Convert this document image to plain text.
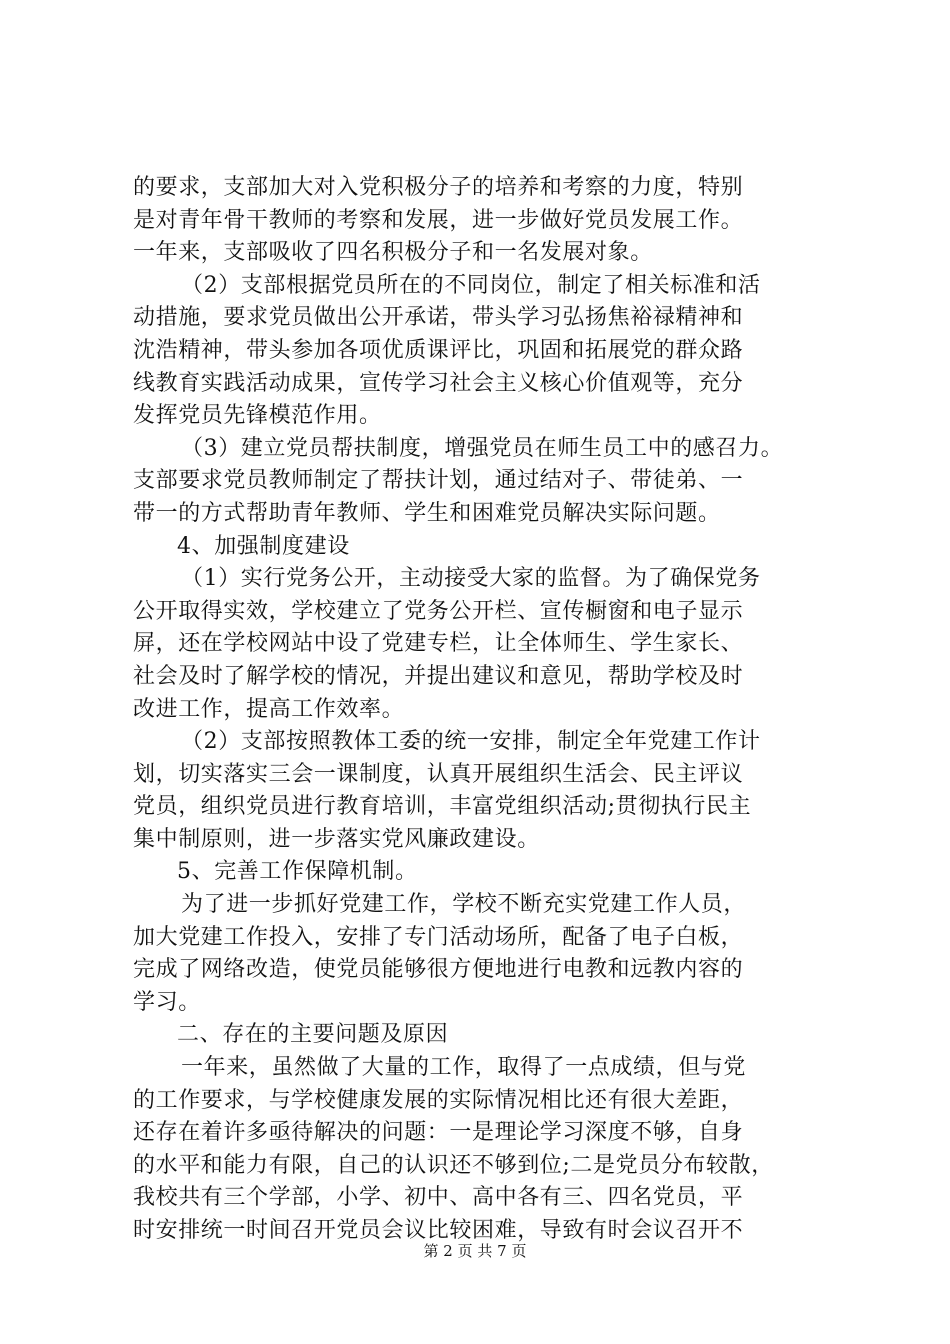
的要求，支部加大对入党积极分子的培养和考察的力度，特别
是对青年骨干教师的考察和发展，进一步做好党员发展工作。
一年来，支部吸收了四名积极分子和一名发展对象。
（2）支部根据党员所在的不同岗位，制定了相关标准和活
动措施，要求党员做出公开承诺，带头学习弘扬焦裕禄精神和
沈浩精神，带头参加各项优质课评比，巩固和拓展党的群众路
线教育实践活动成果，宣传学习社会主义核心价值观等，充分
发挥党员先锋模范作用。
（3）建立党员帮扶制度，增强党员在师生员工中的感召力。
支部要求党员教师制定了帮扶计划，通过结对子、带徒弟、一
带一的方式帮助青年教师、学生和困难党员解决实际问题。
4、加强制度建设
（1）实行党务公开，主动接受大家的监督。为了确保党务
公开取得实效，学校建立了党务公开栏、宣传橱窗和电子显示
屏，还在学校网站中设了党建专栏，让全体师生、学生家长、
社会及时了解学校的情况，并提出建议和意见，帮助学校及时
改进工作，提高工作效率。
（2）支部按照教体工委的统一安排，制定全年党建工作计
划，切实落实三会一课制度，认真开展组织生活会、民主评议
党员，组织党员进行教育培训，丰富党组织活动;贯彻执行民主
集中制原则，进一步落实党风廉政建设。
5、完善工作保障机制。
为了进一步抓好党建工作，学校不断充实党建工作人员，
加大党建工作投入，安排了专门活动场所，配备了电子白板，
完成了网络改造，使党员能够很方便地进行电教和远教内容的
学习。
二、存在的主要问题及原因
一年来，虽然做了大量的工作，取得了一点成绩，但与党
的工作要求，与学校健康发展的实际情况相比还有很大差距，
还存在着许多亟待解决的问题：一是理论学习深度不够，自身
的水平和能力有限，自己的认识还不够到位;二是党员分布较散，
我校共有三个学部，小学、初中、高中各有三、四名党员，平
时安排统一时间召开党员会议比较困难，导致有时会议召开不
第 2 页 共 7 页
